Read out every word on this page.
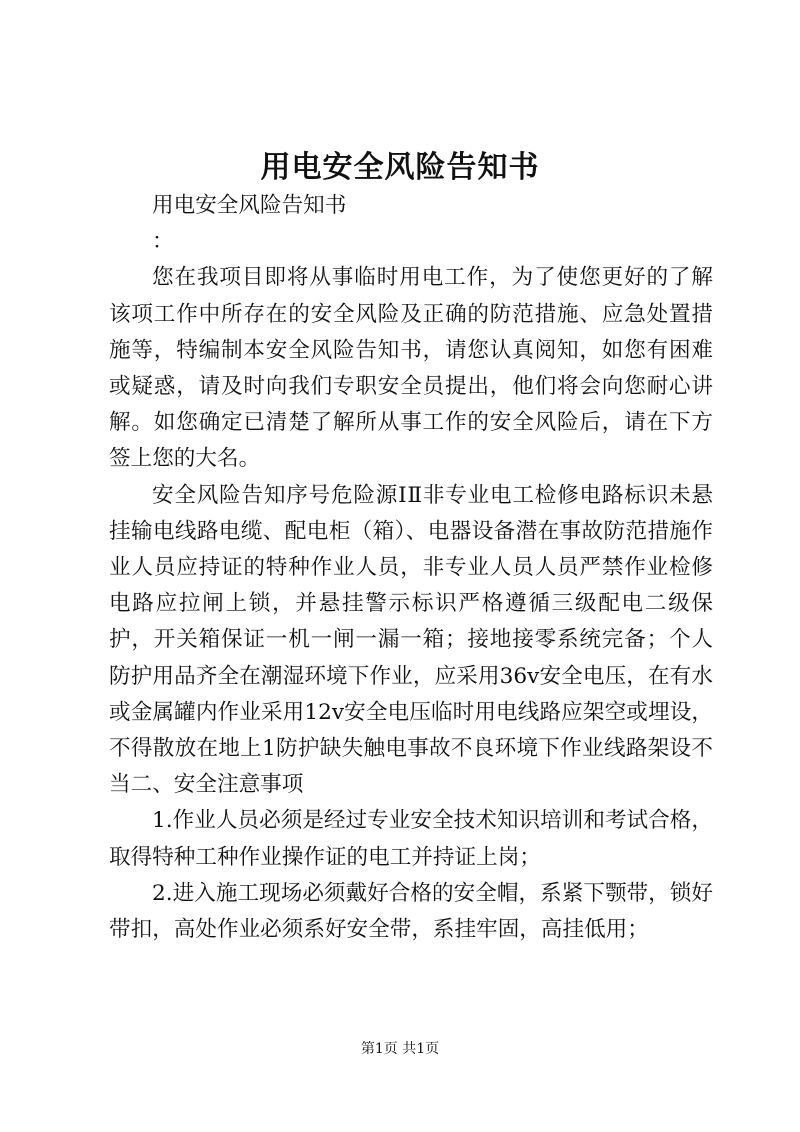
用电安全风险告知书

用电安全风险告知书

：

您在我项目即将从事临时用电工作，为了使您更好的了解该项工作中所存在的安全风险及正确的防范措施、应急处置措施等，特编制本安全风险告知书，请您认真阅知，如您有困难或疑惑，请及时向我们专职安全员提出，他们将会向您耐心讲解。如您确定已清楚了解所从事工作的安全风险后，请在下方签上您的大名。

安全风险告知序号危险源ⅠⅡ非专业电工检修电路标识未悬挂输电线路电缆、配电柜（箱）、电器设备潜在事故防范措施作业人员应持证的特种作业人员，非专业人员人员严禁作业检修电路应拉闸上锁，并悬挂警示标识严格遵循三级配电二级保护，开关箱保证一机一闸一漏一箱；接地接零系统完备；个人防护用品齐全在潮湿环境下作业，应采用36v安全电压，在有水或金属罐内作业采用12v安全电压临时用电线路应架空或埋设，不得散放在地上1防护缺失触电事故不良环境下作业线路架设不当二、安全注意事项

1.作业人员必须是经过专业安全技术知识培训和考试合格，取得特种工种作业操作证的电工并持证上岗；

2.进入施工现场必须戴好合格的安全帽，系紧下颚带，锁好带扣，高处作业必须系好安全带，系挂牢固，高挂低用；

第1页 共1页
